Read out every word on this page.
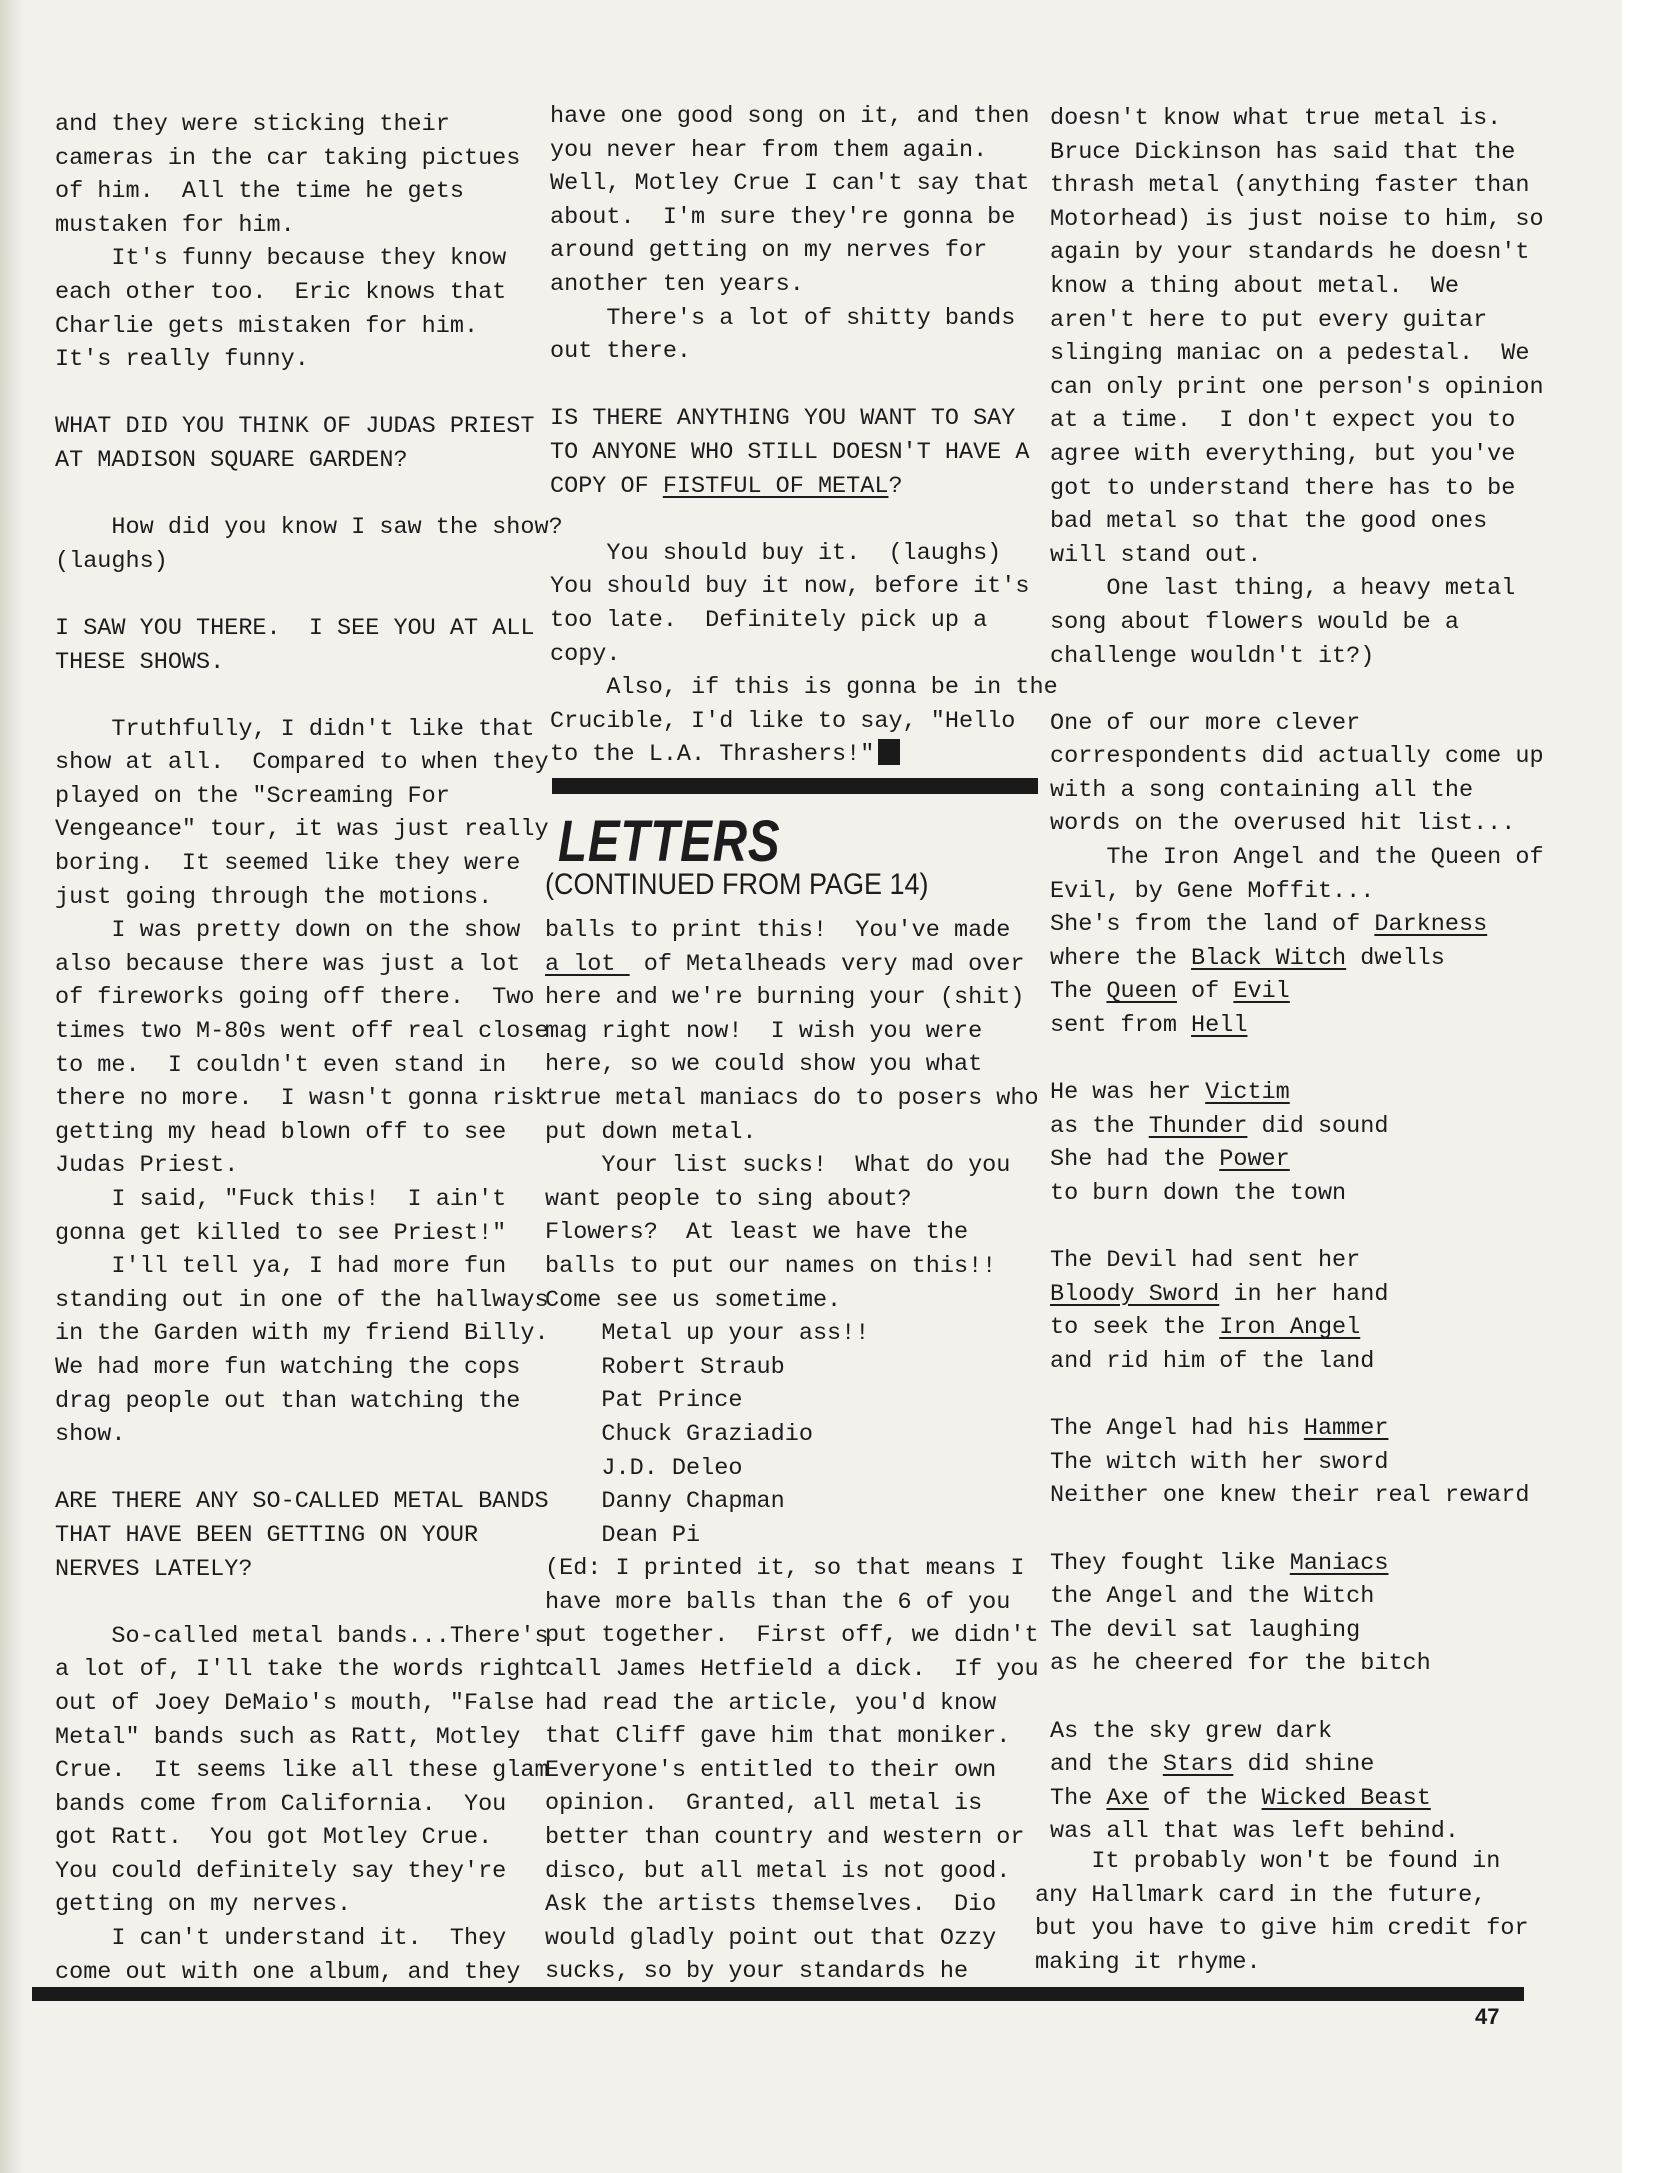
and they were sticking their
cameras in the car taking pictues
of him.  All the time he gets
mustaken for him.
It's funny because they know
each other too.  Eric knows that
Charlie gets mistaken for him.
It's really funny.

WHAT DID YOU THINK OF JUDAS PRIEST
AT MADISON SQUARE GARDEN?

How did you know I saw the show?
(laughs)

I SAW YOU THERE.  I SEE YOU AT ALL
THESE SHOWS.

Truthfully, I didn't like that
show at all.  Compared to when they
played on the "Screaming For
Vengeance" tour, it was just really
boring.  It seemed like they were
just going through the motions.
I was pretty down on the show
also because there was just a lot
of fireworks going off there.  Two
times two M-80s went off real close
to me.  I couldn't even stand in
there no more.  I wasn't gonna risk
getting my head blown off to see
Judas Priest.
I said, "Fuck this!  I ain't
gonna get killed to see Priest!"
I'll tell ya, I had more fun
standing out in one of the hallways
in the Garden with my friend Billy.
We had more fun watching the cops
drag people out than watching the
show.

ARE THERE ANY SO-CALLED METAL BANDS
THAT HAVE BEEN GETTING ON YOUR
NERVES LATELY?

So-called metal bands...There's
a lot of, I'll take the words right
out of Joey DeMaio's mouth, "False
Metal" bands such as Ratt, Motley
Crue.  It seems like all these glam
bands come from California.  You
got Ratt.  You got Motley Crue.
You could definitely say they're
getting on my nerves.
I can't understand it.  They
come out with one album, and they
have one good song on it, and then
you never hear from them again.
Well, Motley Crue I can't say that
about.  I'm sure they're gonna be
around getting on my nerves for
another ten years.
There's a lot of shitty bands
out there.

IS THERE ANYTHING YOU WANT TO SAY
TO ANYONE WHO STILL DOESN'T HAVE A
COPY OF FISTFUL OF METAL?

You should buy it.  (laughs)
You should buy it now, before it's
too late.  Definitely pick up a
copy.
Also, if this is gonna be in the
Crucible, I'd like to say, "Hello
to the L.A. Thrashers!"
LETTERS
(CONTINUED FROM PAGE 14)
balls to print this!  You've made
a lot  of Metalheads very mad over
here and we're burning your (shit)
mag right now!  I wish you were
here, so we could show you what
true metal maniacs do to posers who
put down metal.
Your list sucks!  What do you
want people to sing about?
Flowers?  At least we have the
balls to put our names on this!!
Come see us sometime.
Metal up your ass!!
Robert Straub
Pat Prince
Chuck Graziadio
J.D. Deleo
Danny Chapman
Dean Pi
(Ed: I printed it, so that means I
have more balls than the 6 of you
put together.  First off, we didn't
call James Hetfield a dick.  If you
had read the article, you'd know
that Cliff gave him that moniker.
Everyone's entitled to their own
opinion.  Granted, all metal is
better than country and western or
disco, but all metal is not good.
Ask the artists themselves.  Dio
would gladly point out that Ozzy
sucks, so by your standards he
doesn't know what true metal is.
Bruce Dickinson has said that the
thrash metal (anything faster than
Motorhead) is just noise to him, so
again by your standards he doesn't
know a thing about metal.  We
aren't here to put every guitar
slinging maniac on a pedestal.  We
can only print one person's opinion
at a time.  I don't expect you to
agree with everything, but you've
got to understand there has to be
bad metal so that the good ones
will stand out.
One last thing, a heavy metal
song about flowers would be a
challenge wouldn't it?)

One of our more clever
correspondents did actually come up
with a song containing all the
words on the overused hit list...
The Iron Angel and the Queen of
Evil, by Gene Moffit...
She's from the land of Darkness
where the Black Witch dwells
The Queen of Evil
sent from Hell

He was her Victim
as the Thunder did sound
She had the Power
to burn down the town

The Devil had sent her
Bloody Sword in her hand
to seek the Iron Angel
and rid him of the land

The Angel had his Hammer
The witch with her sword
Neither one knew their real reward

They fought like Maniacs
the Angel and the Witch
The devil sat laughing
as he cheered for the bitch

As the sky grew dark
and the Stars did shine
The Axe of the Wicked Beast
was all that was left behind.
It probably won't be found in
any Hallmark card in the future,
but you have to give him credit for
making it rhyme.
47
